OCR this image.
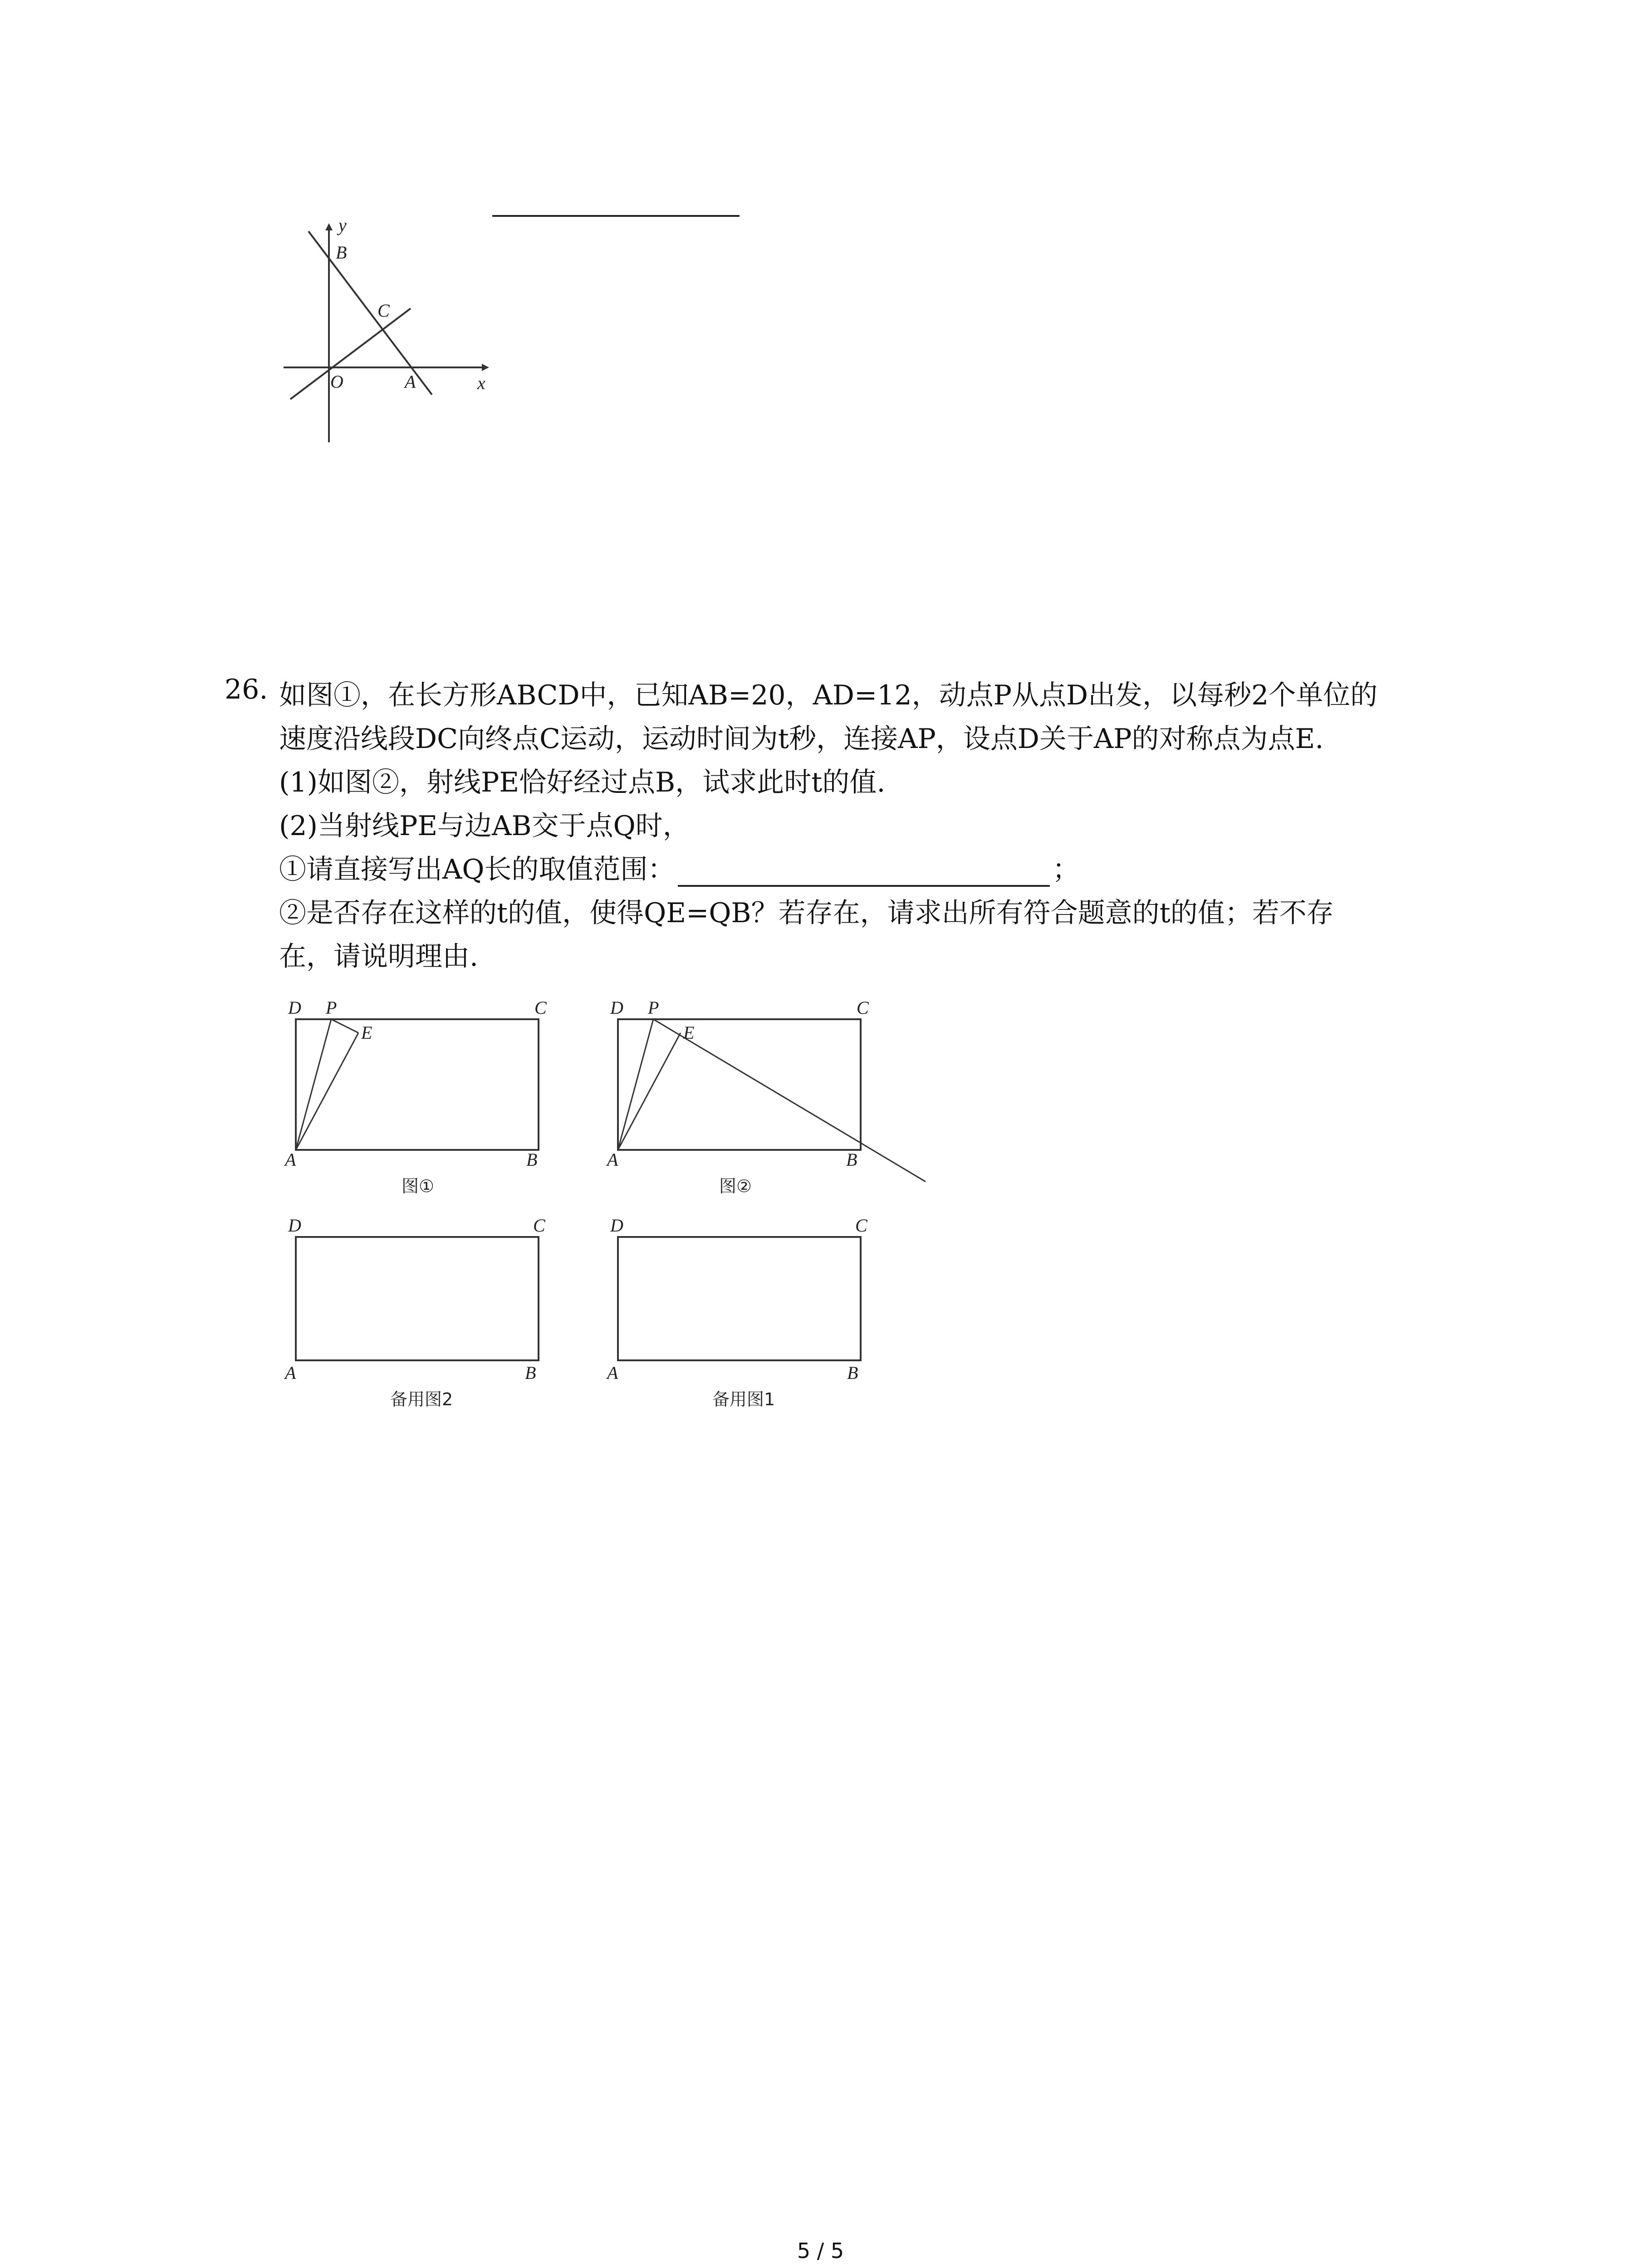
y
x
O
B
C
A
26. 如图①，在长方形ABCD中，已知AB=20，AD=12，动点P从点D出发，以每秒2个单位的
速度沿线段DC向终点C运动，运动时间为t秒，连接AP，设点D关于AP的对称点为点E.
(1)如图②，射线PE恰好经过点B，试求此时t的值.
(2)当射线PE与边AB交于点Q时，
①请直接写出AQ长的取值范围：	；
②是否存在这样的t的值，使得QE=QB？若存在，请求出所有符合题意的t的值；若不存
在，请说明理由.
D P
E
C
A	B
图①
D P
E
C
A	B
图②
D	C
A	B
备用图2
D	C
A	B
备用图1
5 / 5
